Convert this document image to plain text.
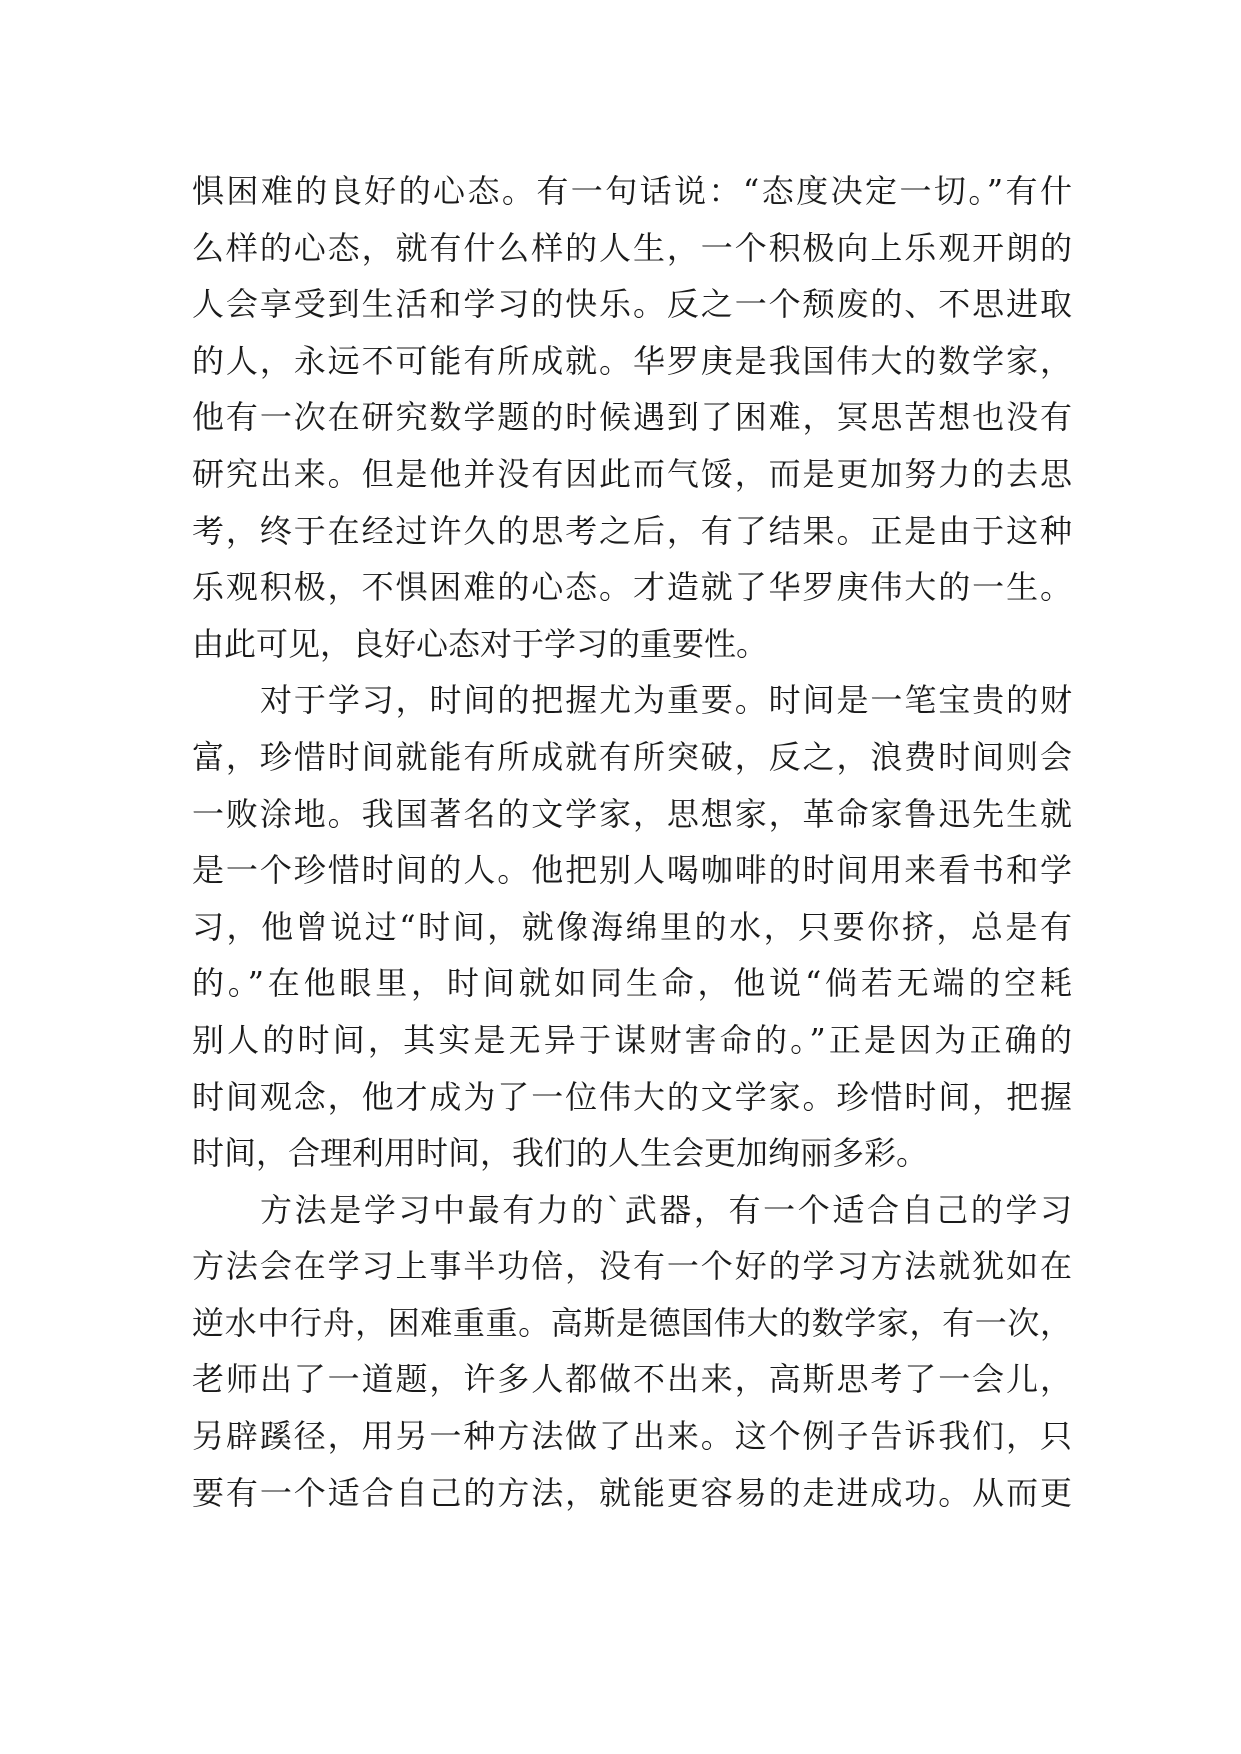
惧困难的良好的心态。有一句话说：“态度决定一切。”有什
么样的心态，就有什么样的人生，一个积极向上乐观开朗的
人会享受到生活和学习的快乐。反之一个颓废的、不思进取
的人，永远不可能有所成就。华罗庚是我国伟大的数学家，
他有一次在研究数学题的时候遇到了困难，冥思苦想也没有
研究出来。但是他并没有因此而气馁，而是更加努力的去思
考，终于在经过许久的思考之后，有了结果。正是由于这种
乐观积极，不惧困难的心态。才造就了华罗庚伟大的一生。
由此可见，良好心态对于学习的重要性。
对于学习，时间的把握尤为重要。时间是一笔宝贵的财
富，珍惜时间就能有所成就有所突破，反之，浪费时间则会
一败涂地。我国著名的文学家，思想家，革命家鲁迅先生就
是一个珍惜时间的人。他把别人喝咖啡的时间用来看书和学
习，他曾说过“时间，就像海绵里的水，只要你挤，总是有
的。”在他眼里，时间就如同生命，他说“倘若无端的空耗
别人的时间，其实是无异于谋财害命的。”正是因为正确的
时间观念，他才成为了一位伟大的文学家。珍惜时间，把握
时间，合理利用时间，我们的人生会更加绚丽多彩。
方法是学习中最有力的`武器，有一个适合自己的学习
方法会在学习上事半功倍，没有一个好的学习方法就犹如在
逆水中行舟，困难重重。高斯是德国伟大的数学家，有一次，
老师出了一道题，许多人都做不出来，高斯思考了一会儿，
另辟蹊径，用另一种方法做了出来。这个例子告诉我们，只
要有一个适合自己的方法，就能更容易的走进成功。从而更
